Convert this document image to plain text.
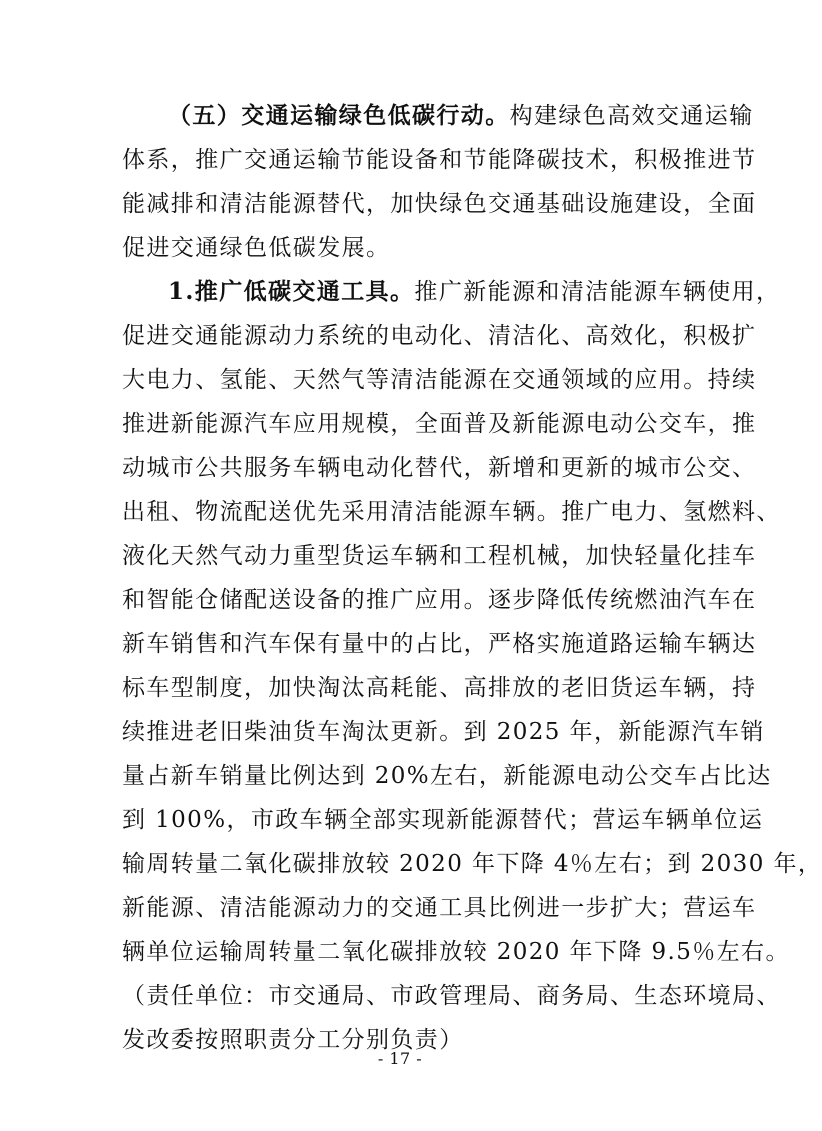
（五）交通运输绿色低碳行动。构建绿色高效交通运输
体系，推广交通运输节能设备和节能降碳技术，积极推进节
能减排和清洁能源替代，加快绿色交通基础设施建设，全面
促进交通绿色低碳发展。
1.推广低碳交通工具。推广新能源和清洁能源车辆使用，
促进交通能源动力系统的电动化、清洁化、高效化，积极扩
大电力、氢能、天然气等清洁能源在交通领域的应用。持续
推进新能源汽车应用规模，全面普及新能源电动公交车，推
动城市公共服务车辆电动化替代，新增和更新的城市公交、
出租、物流配送优先采用清洁能源车辆。推广电力、氢燃料、
液化天然气动力重型货运车辆和工程机械，加快轻量化挂车
和智能仓储配送设备的推广应用。逐步降低传统燃油汽车在
新车销售和汽车保有量中的占比，严格实施道路运输车辆达
标车型制度，加快淘汰高耗能、高排放的老旧货运车辆，持
续推进老旧柴油货车淘汰更新。到 2025 年，新能源汽车销
量占新车销量比例达到 20%左右，新能源电动公交车占比达
到 100%，市政车辆全部实现新能源替代；营运车辆单位运
输周转量二氧化碳排放较 2020 年下降 4％左右；到 2030 年，
新能源、清洁能源动力的交通工具比例进一步扩大；营运车
辆单位运输周转量二氧化碳排放较 2020 年下降 9.5％左右。
（责任单位：市交通局、市政管理局、商务局、生态环境局、
发改委按照职责分工分别负责）
- 17 -
